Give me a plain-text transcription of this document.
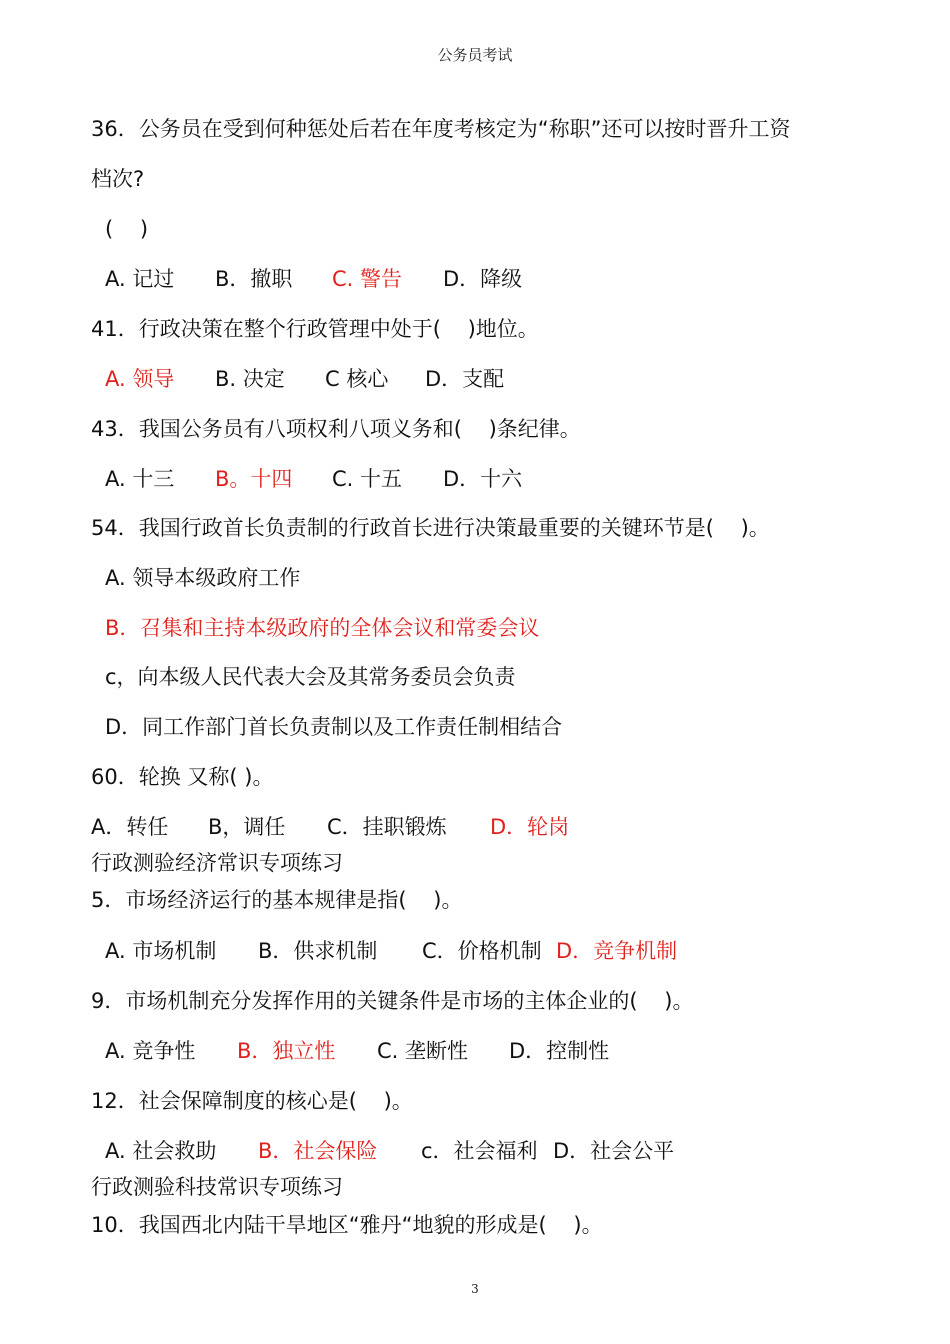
公务员考试
36．公务员在受到何种惩处后若在年度考核定为“称职”还可以按时晋升工资
档次?
(    )
A. 记过 B．撤职 C. 警告 D．降级
41．行政决策在整个行政管理中处于(    )地位。
A. 领导 B. 决定 C 核心 D．支配
43．我国公务员有八项权利八项义务和(    )条纪律。
A. 十三 B。十四 C. 十五 D．十六
54．我国行政首长负责制的行政首长进行决策最重要的关键环节是(    )。
A. 领导本级政府工作
B．召集和主持本级政府的全体会议和常委会议
c，向本级人民代表大会及其常务委员会负责
D．同工作部门首长负责制以及工作责任制相结合
60．轮换 又称( )。
A．转任 B，调任 C．挂职锻炼 D．轮岗
行政测验经济常识专项练习
5．市场经济运行的基本规律是指(    )。
A. 市场机制 B．供求机制 C．价格机制 D．竞争机制
9．市场机制充分发挥作用的关键条件是市场的主体企业的(    )。
A. 竞争性 B．独立性 C. 垄断性 D．控制性
12．社会保障制度的核心是(    )。
A. 社会救助 B．社会保险 c．社会福利 D．社会公平
行政测验科技常识专项练习
10．我国西北内陆干旱地区“雅丹“地貌的形成是(    )。
3
